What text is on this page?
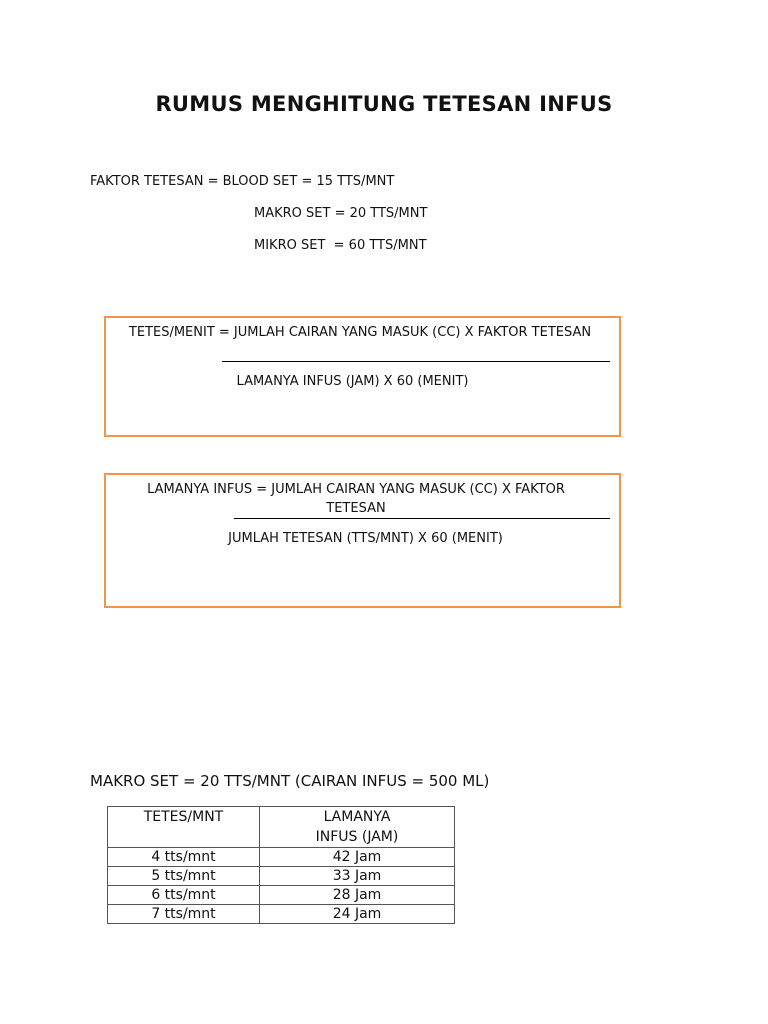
RUMUS MENGHITUNG TETESAN INFUS
FAKTOR TETESAN = BLOOD SET = 15 TTS/MNT
MAKRO SET = 20 TTS/MNT
MIKRO SET  = 60 TTS/MNT
TETES/MENIT = JUMLAH CAIRAN YANG MASUK (CC) X FAKTOR TETESAN
LAMANYA INFUS (JAM) X 60 (MENIT)
LAMANYA INFUS = JUMLAH CAIRAN YANG MASUK (CC) X FAKTOR TETESAN
JUMLAH TETESAN (TTS/MNT) X 60 (MENIT)
MAKRO SET = 20 TTS/MNT (CAIRAN INFUS = 500 ML)
TETES/MNT	LAMANYA INFUS (JAM)
4 tts/mnt	42 Jam
5 tts/mnt	33 Jam
6 tts/mnt	28 Jam
7 tts/mnt	24 Jam
